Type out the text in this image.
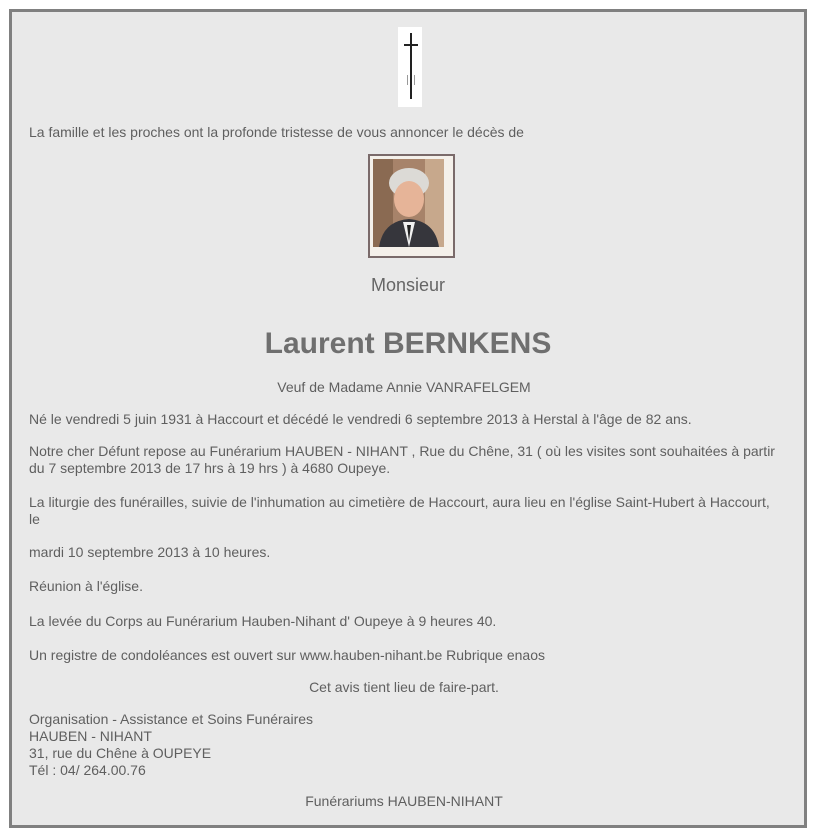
La famille et les proches ont la profonde tristesse de vous annoncer le décès de

Monsieur
Laurent BERNKENS

Veuf de Madame Annie VANRAFELGEM

Né le vendredi 5 juin 1931 à Haccourt et décédé le vendredi 6 septembre 2013 à Herstal à l'âge de 82 ans.

Notre cher Défunt repose au Funérarium HAUBEN - NIHANT , Rue du Chêne, 31 ( où les visites sont souhaitées à partir du 7 septembre 2013 de 17 hrs à 19 hrs ) à 4680 Oupeye.

La liturgie des funérailles, suivie de l'inhumation au cimetière de Haccourt, aura lieu en l'église Saint-Hubert à Haccourt, le

mardi 10 septembre 2013 à 10 heures.

Réunion à l'église.

La levée du Corps au Funérarium Hauben-Nihant d' Oupeye à 9 heures 40.

Un registre de condoléances est ouvert sur www.hauben-nihant.be Rubrique enaos

Cet avis tient lieu de faire-part.

Organisation - Assistance et Soins Funéraires

HAUBEN - NIHANT

31, rue du Chêne à OUPEYE

Tél : 04/ 264.00.76

Funérariums HAUBEN-NIHANT
